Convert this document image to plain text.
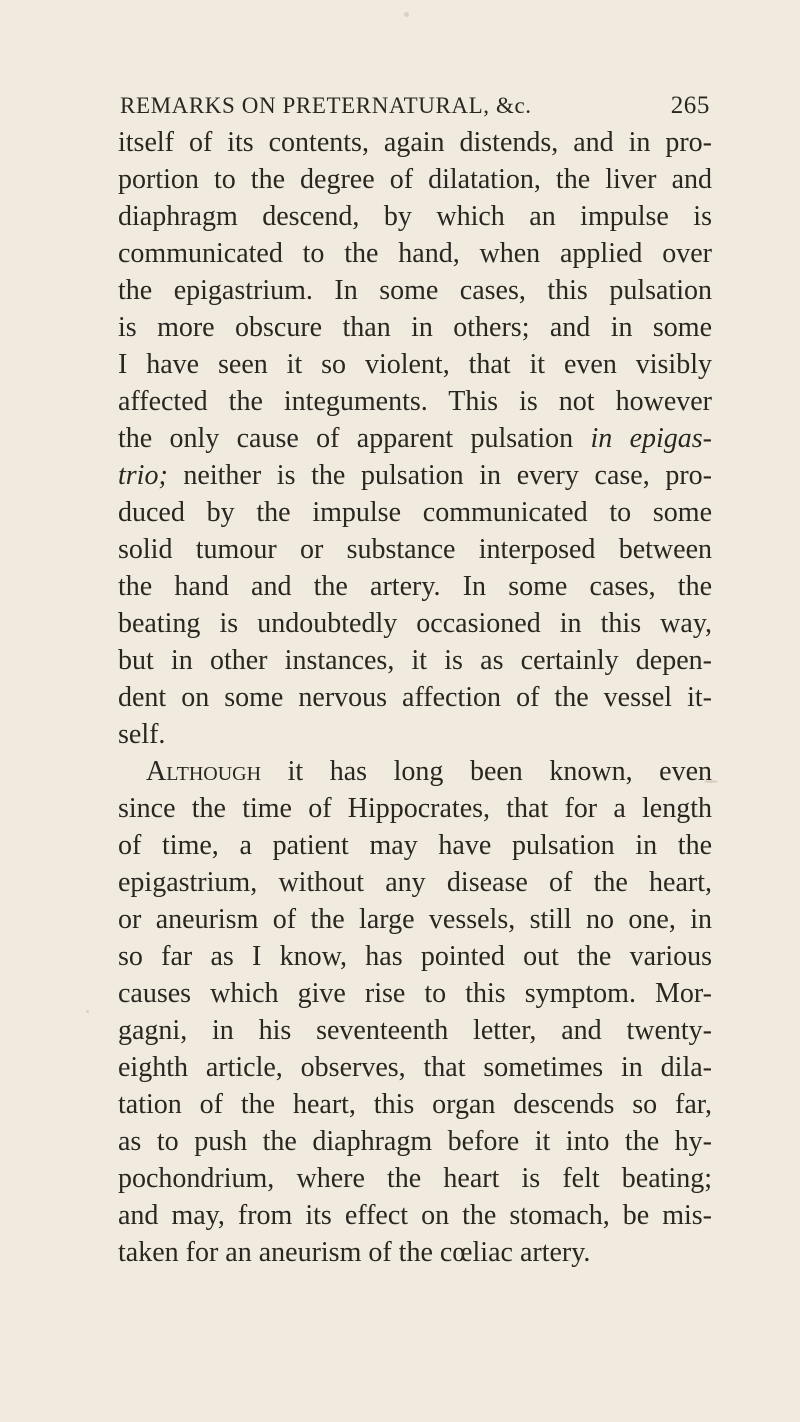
REMARKS ON PRETERNATURAL, &c.	265
itself of its contents, again distends, and in pro-
portion to the degree of dilatation, the liver and
diaphragm descend, by which an impulse is
communicated to the hand, when applied over
the epigastrium. In some cases, this pulsation
is more obscure than in others; and in some
I have seen it so violent, that it even visibly
affected the integuments. This is not however
the only cause of apparent pulsation in epigas-
trio; neither is the pulsation in every case, pro-
duced by the impulse communicated to some
solid tumour or substance interposed between
the hand and the artery. In some cases, the
beating is undoubtedly occasioned in this way,
but in other instances, it is as certainly depen-
dent on some nervous affection of the vessel it-
self.
Although it has long been known, even
since the time of Hippocrates, that for a length
of time, a patient may have pulsation in the
epigastrium, without any disease of the heart,
or aneurism of the large vessels, still no one, in
so far as I know, has pointed out the various
causes which give rise to this symptom. Mor-
gagni, in his seventeenth letter, and twenty-
eighth article, observes, that sometimes in dila-
tation of the heart, this organ descends so far,
as to push the diaphragm before it into the hy-
pochondrium, where the heart is felt beating;
and may, from its effect on the stomach, be mis-
taken for an aneurism of the cœliac artery.
